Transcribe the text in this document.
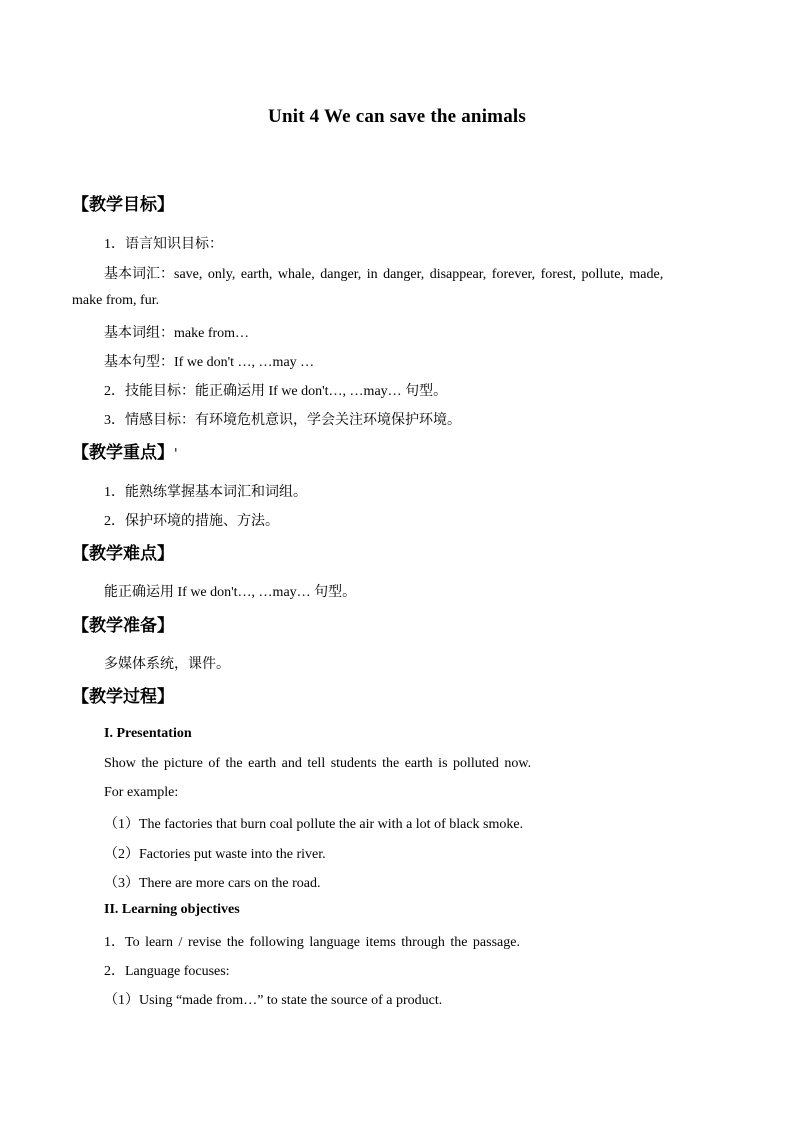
Unit 4 We can save the animals
【教学目标】
1．语言知识目标：
基本词汇：save, only, earth, whale, danger, in danger, disappear, forever, forest, pollute, made,
make from, fur.
基本词组：make from…
基本句型：If we don't …, …may …
2．技能目标：能正确运用 If we don't…, …may… 句型。
3．情感目标：有环境危机意识，学会关注环境保护环境。
【教学重点】'
1．能熟练掌握基本词汇和词组。
2．保护环境的措施、方法。
【教学难点】
能正确运用 If we don't…, …may… 句型。
【教学准备】
多媒体系统，课件。
【教学过程】
I. Presentation
Show the picture of the earth and tell students the earth is polluted now.
For example:
（1）The factories that burn coal pollute the air with a lot of black smoke.
（2）Factories put waste into the river.
（3）There are more cars on the road.
II. Learning objectives
1．To learn / revise the following language items through the passage.
2．Language focuses:
（1）Using “made from…” to state the source of a product.
